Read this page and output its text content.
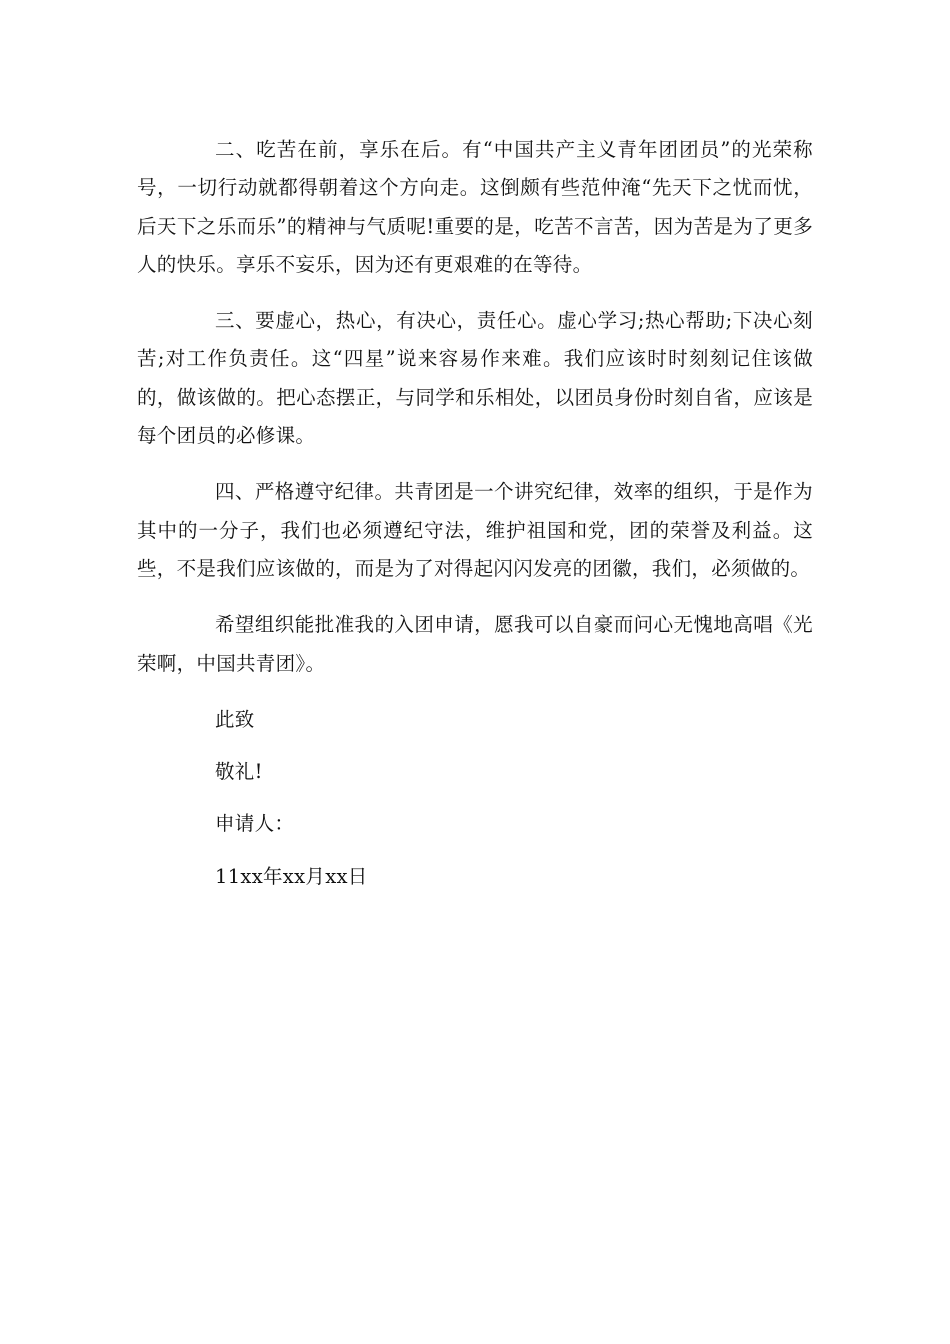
二、吃苦在前，享乐在后。有“中国共产主义青年团团员”的光荣称号，一切行动就都得朝着这个方向走。这倒颇有些范仲淹“先天下之忧而忧，后天下之乐而乐”的精神与气质呢!重要的是，吃苦不言苦，因为苦是为了更多人的快乐。享乐不妄乐，因为还有更艰难的在等待。

三、要虚心，热心，有决心，责任心。虚心学习;热心帮助;下决心刻苦;对工作负责任。这“四星”说来容易作来难。我们应该时时刻刻记住该做的，做该做的。把心态摆正，与同学和乐相处，以团员身份时刻自省，应该是每个团员的必修课。

四、严格遵守纪律。共青团是一个讲究纪律，效率的组织，于是作为其中的一分子，我们也必须遵纪守法，维护祖国和党，团的荣誉及利益。这些，不是我们应该做的，而是为了对得起闪闪发亮的团徽，我们，必须做的。

希望组织能批准我的入团申请，愿我可以自豪而问心无愧地高唱《光荣啊，中国共青团》。

此致

敬礼!

申请人：

11xx年xx月xx日
